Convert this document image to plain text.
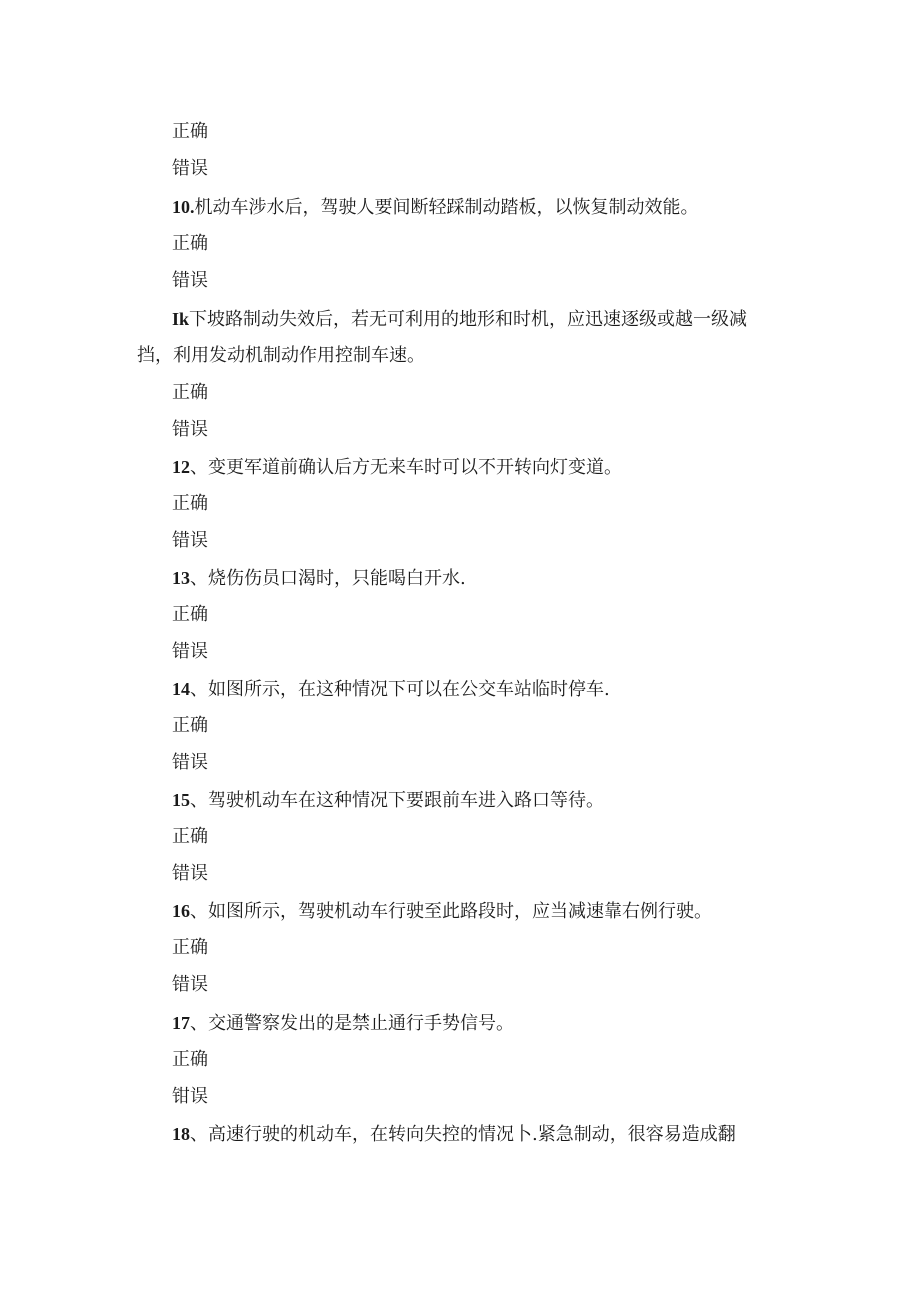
正确
错误
10.机动车涉水后，驾驶人要间断轻踩制动踏板，以恢复制动效能。
正确
错误
Ik下坡路制动失效后，若无可利用的地形和时机，应迅速逐级或越一级减
挡，利用发动机制动作用控制车速。
正确
错误
12、变更军道前确认后方无来车时可以不开转向灯变道。
正确
错误
13、烧伤伤员口渴时，只能喝白开水.
正确
错误
14、如图所示，在这种情况下可以在公交车站临时停车.
正确
错误
15、驾驶机动车在这种情况下要跟前车进入路口等待。
正确
错误
16、如图所示，驾驶机动车行驶至此路段时，应当减速靠右例行驶。
正确
错误
17、交通警察发出的是禁止通行手势信号。
正确
钳误
18、高速行驶的机动车，在转向失控的情况卜.紧急制动，很容易造成翻
